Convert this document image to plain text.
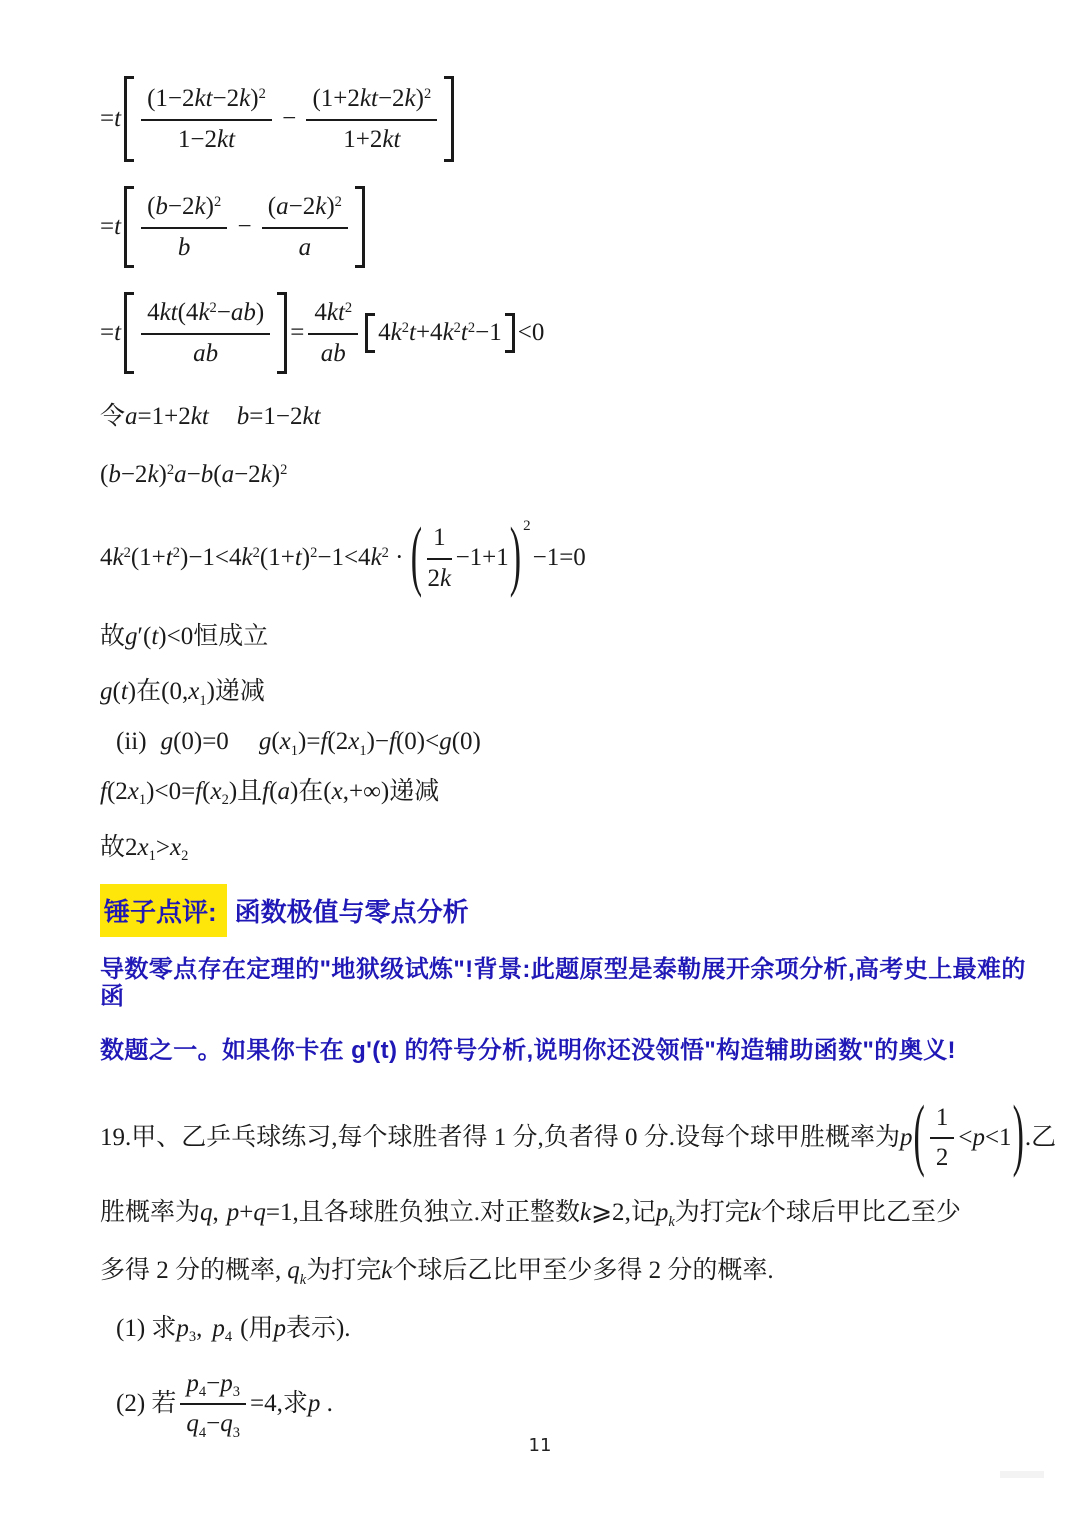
$=t \frac{(1-2kt-2k)^2}{1-2kt} - \frac{(1+2kt-2k)^2}{1+2kt}$
$=t \frac{(b-2k)^2}{b} - \frac{(a-2k)^2}{a}$
$=t \frac{4kt(4k^2-ab)}{ab} = \frac{4kt^2}{ab} 4k^2t+4k^2t^2-1 <0$
令a=1+2kt b=1−2kt
$(b-2k)^2a-b(a-2k)^2$
$4k^2(1+t^2)-1<4k^2(1+t)^2-1<4k^2$ · ( $\frac{1}{2k} -1+1$ ) 2
−1=0
故g′(t)<0恒成立
g(t)在$(0,x_1)$递减
(ii) g(0)=0 $g(x_1)=f(2x_1)-f(0)<g(0)$
$f(2x_1)<0=f(x_2)$且f(a)在(x,+∞)递减
故$2x_1>x_2$
锤子点评: 函数极值与零点分析
导数零点存在定理的"地狱级试炼"!背景:此题原型是泰勒展开余项分析,高考史上最难的函
数题之一。如果你卡在 g'(t) 的符号分析,说明你还没领悟"构造辅助函数"的奥义!
19.甲、乙乒乓球练习,每个球胜者得 1 分,负者得 0 分.设每个球甲胜概率为p ( $\frac{1}{2} <p<1$ ) .乙
胜概率为q, p+q=1,且各球胜负独立.对正整数k⩾2,记$p_k$为打完k个球后甲比乙至少
多得 2 分的概率, $q_k$为打完k个球后乙比甲至少多得 2 分的概率.
(1) 求$p_3$, $p_4$ (用p表示).
(2) 若 $\frac{p_4-p_3}{q_4-q_3} =4$,求p .
11
